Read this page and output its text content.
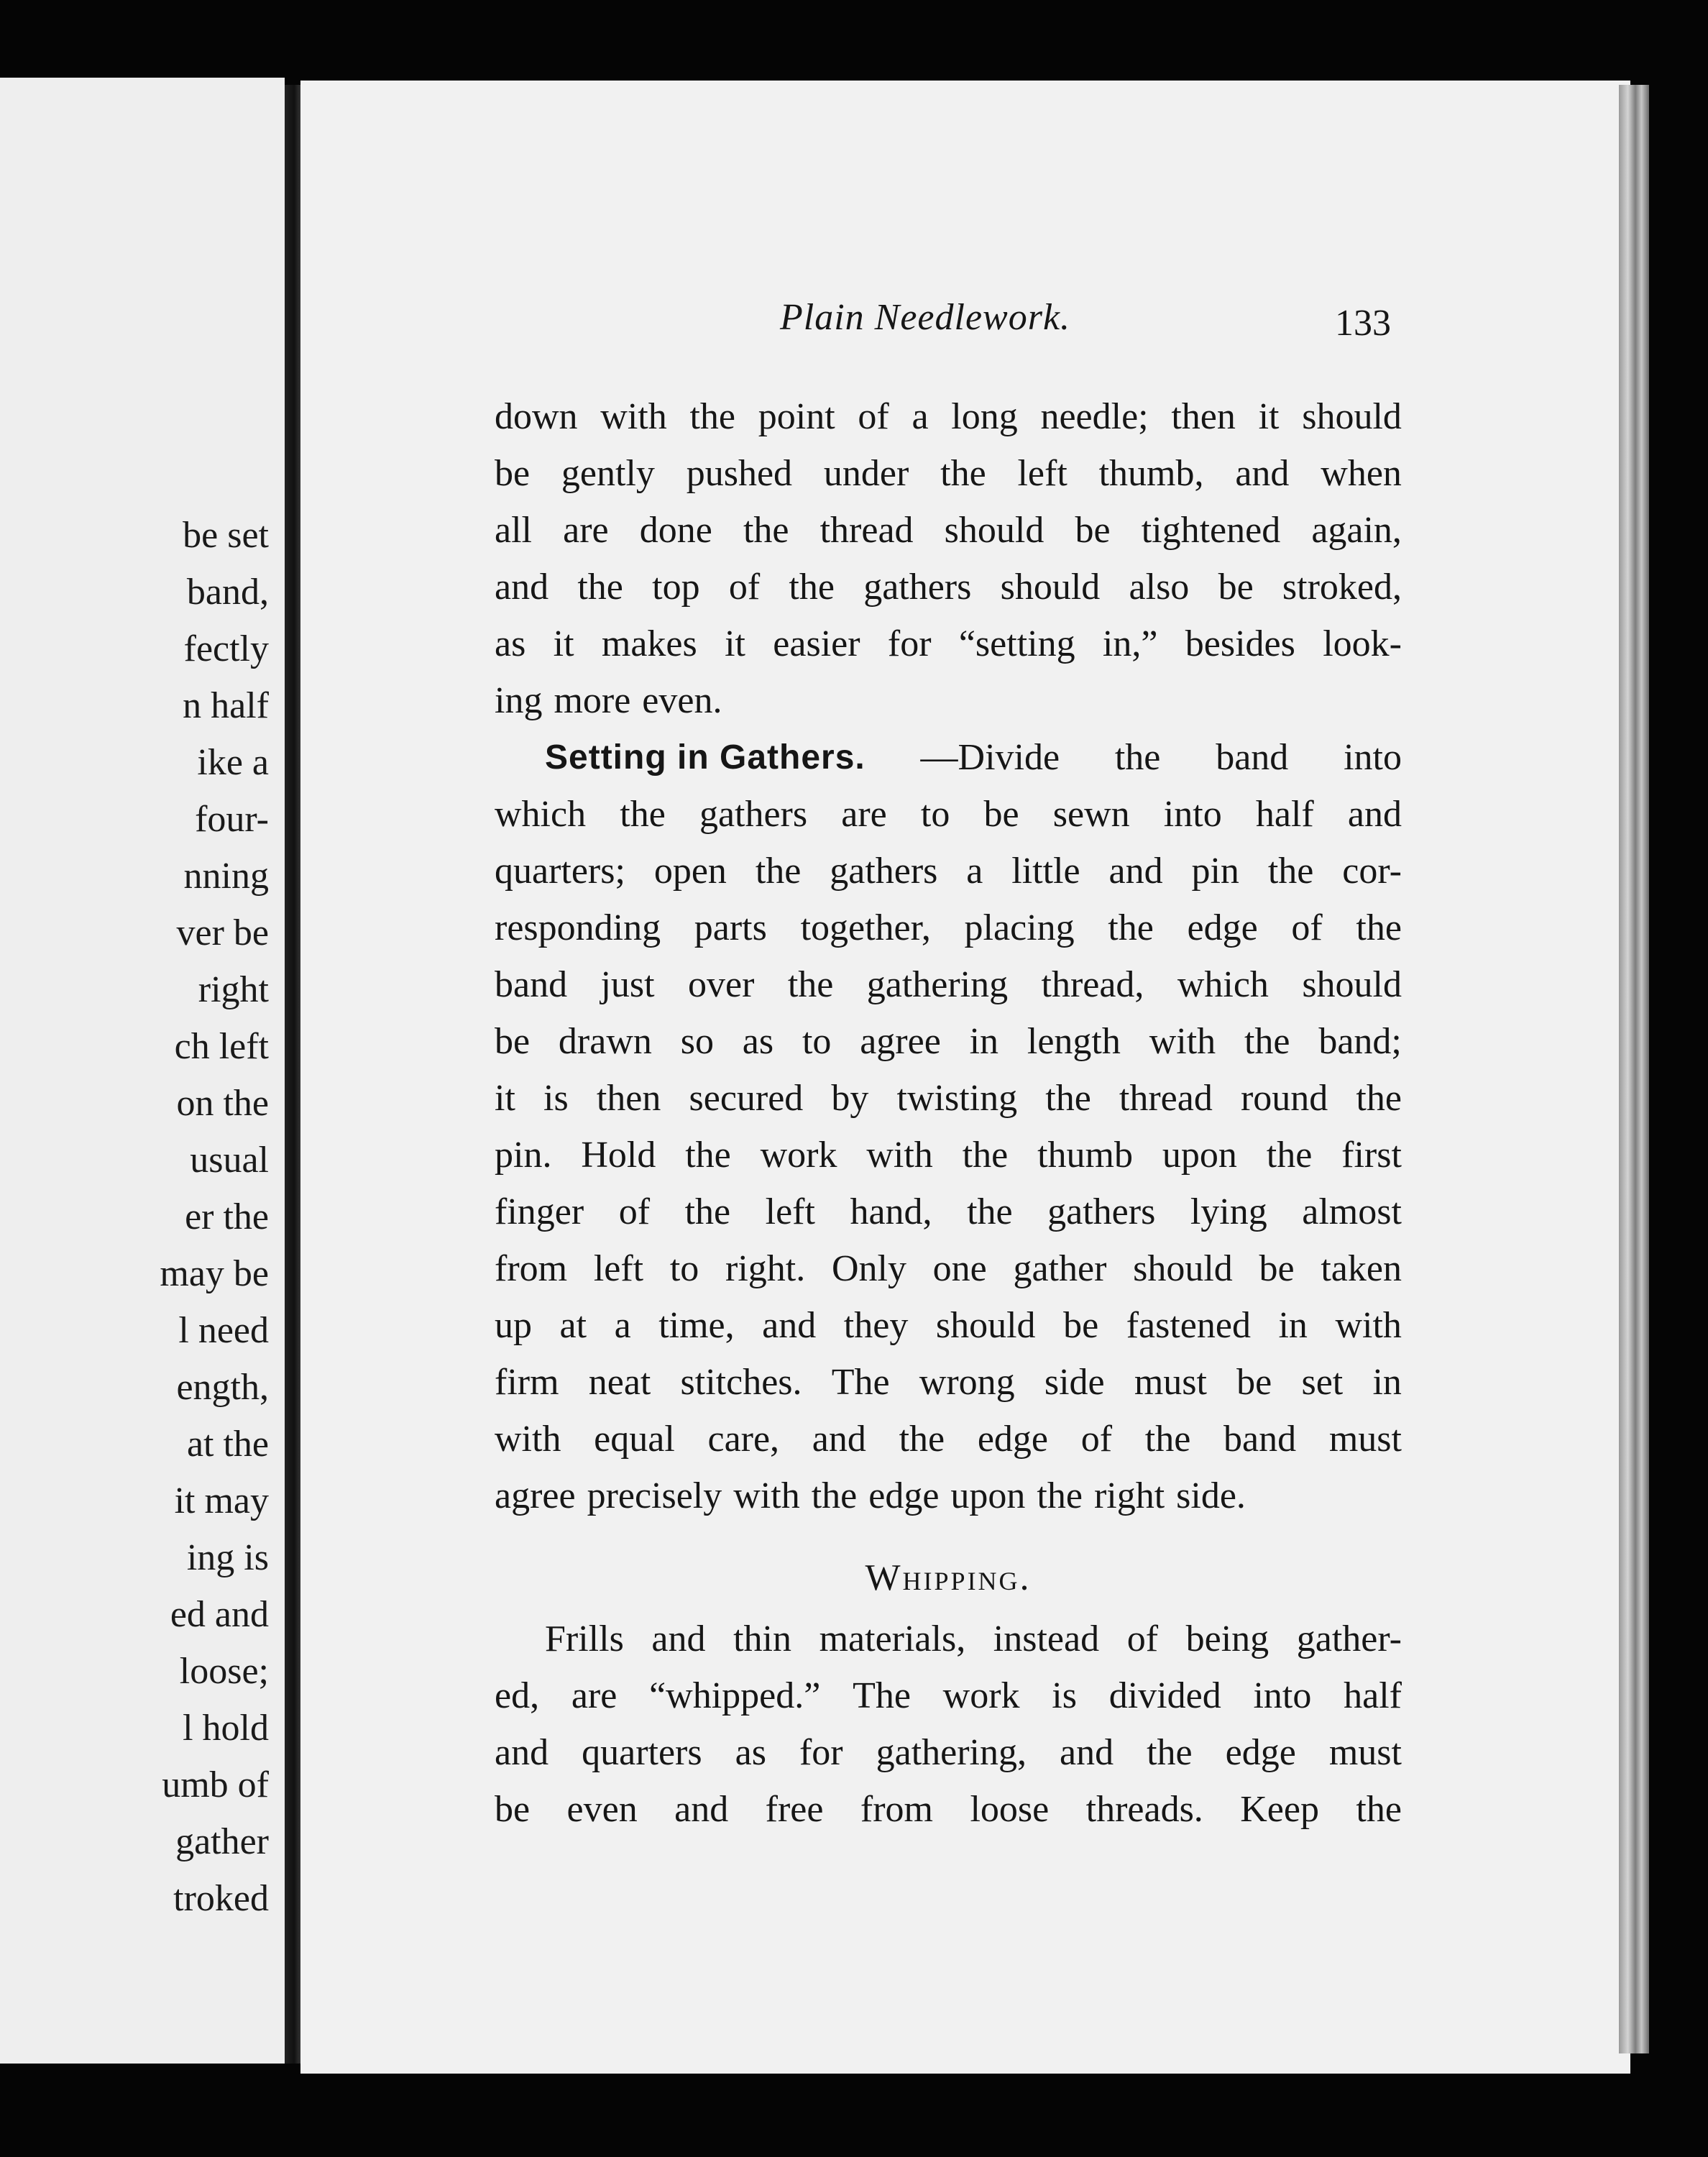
be set
band,
fectly
n half
ike a
four-
nning
ver be
right
ch left
on the
usual
er the
may be
l need
ength,
at the
it may
ing is
ed and
loose;
l hold
umb of
gather
troked
Plain Needlework.	133
down with the point of a long needle; then it should
be gently pushed under the left thumb, and when
all are done the thread should be tightened again,
and the top of the gathers should also be stroked,
as it makes it easier for “setting in,” besides look-
ing more even.
Setting in Gathers. —Divide the band into
which the gathers are to be sewn into half and
quarters; open the gathers a little and pin the cor-
responding parts together, placing the edge of the
band just over the gathering thread, which should
be drawn so as to agree in length with the band;
it is then secured by twisting the thread round the
pin. Hold the work with the thumb upon the first
finger of the left hand, the gathers lying almost
from left to right. Only one gather should be taken
up at a time, and they should be fastened in with
firm neat stitches. The wrong side must be set in
with equal care, and the edge of the band must
agree precisely with the edge upon the right side.
Whipping.
Frills and thin materials, instead of being gather-
ed, are “whipped.” The work is divided into half
and quarters as for gathering, and the edge must
be even and free from loose threads. Keep the
